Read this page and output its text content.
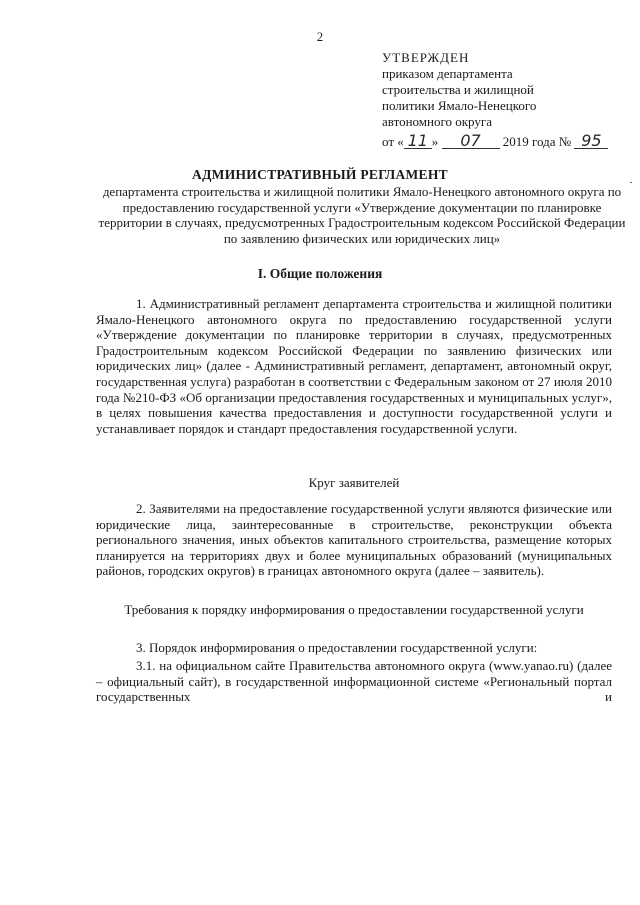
2
УТВЕРЖДЕН
приказом департамента
строительства и жилищной
политики Ямало-Ненецкого
автономного округа
от « 11 » 07 2019 года № 95
АДМИНИСТРАТИВНЫЙ РЕГЛАМЕНТ
департамента строительства и жилищной политики Ямало-Ненецкого автономного округа по предоставлению государственной услуги «Утверждение документации по планировке территории в случаях, предусмотренных Градостроительным кодексом Российской Федерации по заявлению физических или юридических лиц»
I. Общие положения
1. Административный регламент департамента строительства и жилищной политики Ямало-Ненецкого автономного округа по предоставлению государственной услуги «Утверждение документации по планировке территории в случаях, предусмотренных Градостроительным кодексом Российской Федерации по заявлению физических или юридических лиц» (далее - Административный регламент, департамент, автономный округ, государственная услуга) разработан в соответствии с Федеральным законом от 27 июля 2010 года №210-ФЗ «Об организации предоставления государственных и муниципальных услуг», в целях повышения качества предоставления и доступности государственной услуги и устанавливает порядок и стандарт предоставления государственной услуги.
Круг заявителей
2. Заявителями на предоставление государственной услуги являются физические или юридические лица, заинтересованные в строительстве, реконструкции объекта регионального значения, иных объектов капитального строительства, размещение которых планируется на территориях двух и более муниципальных образований (муниципальных районов, городских округов) в границах автономного округа (далее – заявитель).
Требования к порядку информирования о предоставлении государственной услуги
3. Порядок информирования о предоставлении государственной услуги:
3.1. на официальном сайте Правительства автономного округа (www.yanao.ru) (далее – официальный сайт), в государственной информационной системе «Региональный портал государственных и
